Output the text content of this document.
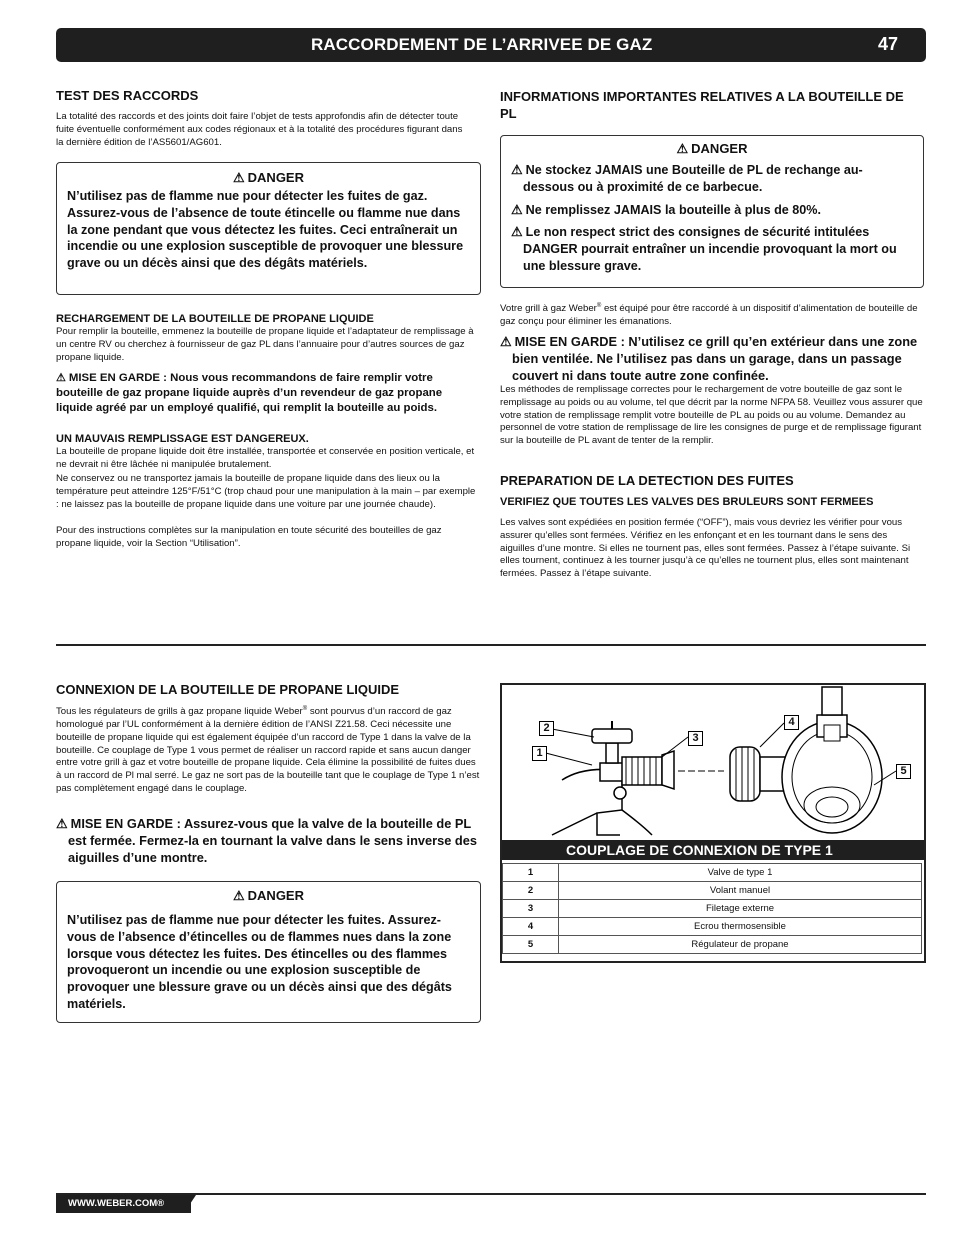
RACCORDEMENT DE L’ARRIVEE DE GAZ	47
TEST DES RACCORDS
La totalité des raccords et des joints doit faire l’objet de tests approfondis afin de détecter toute fuite éventuelle conformément aux codes régionaux et à la totalité des procédures figurant dans la dernière édition de l’AS5601/AG601.
⚠ DANGER
N’utilisez pas de flamme nue pour détecter les fuites de gaz. Assurez-vous de l’absence de toute étincelle ou flamme nue dans la zone pendant que vous détectez les fuites. Ceci entraînerait un incendie ou une explosion susceptible de provoquer une blessure grave ou un décès ainsi que des dégâts matériels.
RECHARGEMENT DE LA BOUTEILLE DE PROPANE LIQUIDE
Pour remplir la bouteille, emmenez la bouteille de propane liquide et l’adaptateur de remplissage à un centre RV ou cherchez à fournisseur de gaz PL dans l’annuaire pour d’autres sources de gaz propane liquide.
⚠ MISE EN GARDE : Nous vous recommandons de faire remplir votre bouteille de gaz propane liquide auprès d’un revendeur de gaz propane liquide agréé par un employé qualifié, qui remplit la bouteille au poids.
UN MAUVAIS REMPLISSAGE EST DANGEREUX.
La bouteille de propane liquide doit être installée, transportée et conservée en position verticale, et ne devrait ni être lâchée ni manipulée brutalement.
Ne conservez ou ne transportez jamais la bouteille de propane liquide dans des lieux ou la température peut atteindre 125°F/51°C (trop chaud pour une manipulation à la main – par exemple : ne laissez pas la bouteille de propane liquide dans une voiture par une journée chaude).
Pour des instructions complètes sur la manipulation en toute sécurité des bouteilles de gaz propane liquide, voir la Section “Utilisation”.
INFORMATIONS IMPORTANTES RELATIVES A LA BOUTEILLE DE PL
⚠ DANGER
⚠ Ne stockez JAMAIS une Bouteille de PL de rechange au-dessous ou à proximité de ce barbecue.
⚠ Ne remplissez JAMAIS la bouteille à plus de 80%.
⚠ Le non respect strict des consignes de sécurité intitulées DANGER pourrait entraîner un incendie provoquant la mort ou une blessure grave.
Votre grill à gaz Weber® est équipé pour être raccordé à un dispositif d’alimentation de bouteille de gaz conçu pour éliminer les émanations.
⚠ MISE EN GARDE : N’utilisez ce grill qu’en extérieur dans une zone bien ventilée. Ne l’utilisez pas dans un garage, dans un passage couvert ni dans toute autre zone confinée.
Les méthodes de remplissage correctes pour le rechargement de votre bouteille de gaz sont le remplissage au poids ou au volume, tel que décrit par la norme NFPA 58. Veuillez vous assurer que votre station de remplissage remplit votre bouteille de PL au poids ou au volume. Demandez au personnel de votre station de remplissage de lire les consignes de purge et de remplissage figurant sur la bouteille de PL avant de tenter de la remplir.
PREPARATION DE LA DETECTION DES FUITES
VERIFIEZ QUE TOUTES LES VALVES DES BRULEURS SONT FERMEES
Les valves sont expédiées en position fermée (“OFF”), mais vous devriez les vérifier pour vous assurer qu’elles sont fermées. Vérifiez en les enfonçant et en les tournant dans le sens des aiguilles d’une montre. Si elles ne tournent pas, elles sont fermées. Passez à l’étape suivante. Si elles tournent, continuez à les tourner jusqu’à ce qu’elles ne tournent plus, elles sont maintenant fermées. Passez à l’étape suivante.
CONNEXION DE LA BOUTEILLE DE PROPANE LIQUIDE
Tous les régulateurs de grills à gaz propane liquide Weber® sont pourvus d’un raccord de gaz homologué par l’UL conformément à la dernière édition de l’ANSI Z21.58. Ceci nécessite une bouteille de propane liquide qui est également équipée d’un raccord de Type 1 dans la valve de la bouteille. Ce couplage de Type 1 vous permet de réaliser un raccord rapide et sans aucun danger entre votre grill à gaz et votre bouteille de propane liquide. Cela élimine la possibilité de fuites dues à un raccord de Pl mal serré. Le gaz ne sort pas de la bouteille tant que le couplage de Type 1 n’est pas complètement engagé dans le couplage.
⚠ MISE EN GARDE : Assurez-vous que la valve de la bouteille de PL est fermée. Fermez-la en tournant la valve dans le sens inverse des aiguilles d’une montre.
⚠ DANGER
N’utilisez pas de flamme nue pour détecter les fuites. Assurez-vous de l’absence d’étincelles ou de flammes nues dans la zone lorsque vous détectez les fuites. Des étincelles ou des flammes provoqueront un incendie ou une explosion susceptible de provoquer une blessure grave ou un décès ainsi que des dégâts matériels.
1
2
3
4
5
COUPLAGE DE CONNEXION DE TYPE 1
1	Valve de type 1
2	Volant manuel
3	Filetage externe
4	Ecrou thermosensible
5	Régulateur de propane
WWW.WEBER.COM®
